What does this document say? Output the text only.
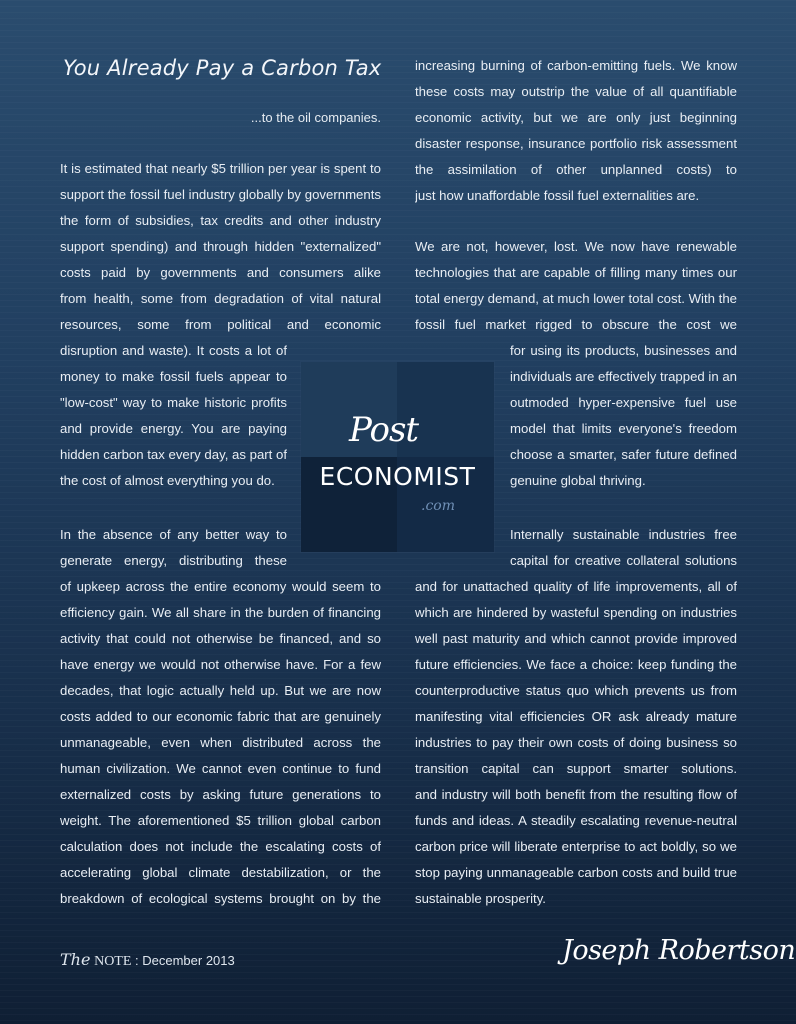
You Already Pay a Carbon Tax
...to the oil companies.
It is estimated that nearly $5 trillion per year is spent to
support the fossil fuel industry globally by governments
the form of subsidies, tax credits and other industry
support spending) and through hidden "externalized"
costs paid by governments and consumers alike
from health, some from degradation of vital natural
resources, some from political and economic
disruption and waste). It costs a lot of
money to make fossil fuels appear to
"low-cost" way to make historic profits
and provide energy. You are paying
hidden carbon tax every day, as part of
the cost of almost everything you do.
In the absence of any better way to
generate energy, distributing these
of upkeep across the entire economy would seem to
efficiency gain. We all share in the burden of financing
activity that could not otherwise be financed, and so
have energy we would not otherwise have. For a few
decades, that logic actually held up. But we are now
costs added to our economic fabric that are genuinely
unmanageable, even when distributed across the
human civilization. We cannot even continue to fund
externalized costs by asking future generations to
weight. The aforementioned $5 trillion global carbon
calculation does not include the escalating costs of
accelerating global climate destabilization, or the
breakdown of ecological systems brought on by the
increasing burning of carbon-emitting fuels. We know
these costs may outstrip the value of all quantifiable
economic activity, but we are only just beginning
disaster response, insurance portfolio risk assessment
the assimilation of other unplanned costs) to
just how unaffordable fossil fuel externalities are.
We are not, however, lost. We now have renewable
technologies that are capable of filling many times our
total energy demand, at much lower total cost. With the
fossil fuel market rigged to obscure the cost we
for using its products, businesses and
individuals are effectively trapped in an
outmoded hyper-expensive fuel use
model that limits everyone's freedom
choose a smarter, safer future defined
genuine global thriving.
Internally sustainable industries free
capital for creative collateral solutions
and for unattached quality of life improvements, all of
which are hindered by wasteful spending on industries
well past maturity and which cannot provide improved
future efficiencies. We face a choice: keep funding the
counterproductive status quo which prevents us from
manifesting vital efficiencies OR ask already mature
industries to pay their own costs of doing business so
transition capital can support smarter solutions.
and industry will both benefit from the resulting flow of
funds and ideas. A steadily escalating revenue-neutral
carbon price will liberate enterprise to act boldly, so we
stop paying unmanageable carbon costs and build true
sustainable prosperity.
Post
ECONOMIST
.com
The NOTE : December 2013	Joseph Robertson
